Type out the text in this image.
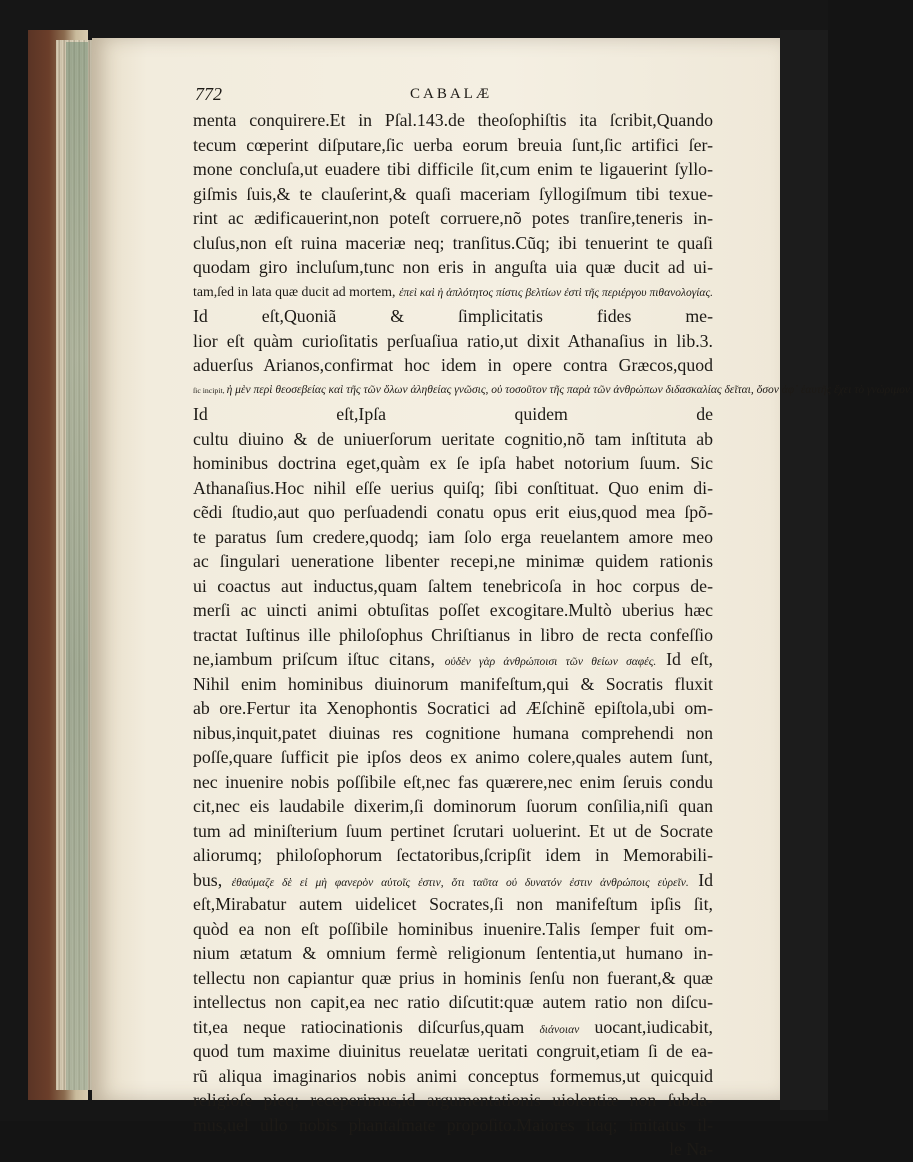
772	CABALÆ
menta conquirere.Et in Pſal.143.de theoſophiſtis ita ſcribit,Quando
tecum cœperint diſputare,ſic uerba eorum breuia ſunt,ſic artifici ſer-
mone concluſa,ut euadere tibi difficile ſit,cum enim te ligauerint ſyllo-
giſmis ſuis,& te clauſerint,& quaſi maceriam ſyllogiſmum tibi texue-
rint ac ædificauerint,non poteſt corruere,nõ potes tranſire,teneris in-
cluſus,non eſt ruina maceriæ neq; tranſitus.Cũq; ibi tenuerint te quaſi
quodam giro incluſum,tunc non eris in anguſta uia quæ ducit ad ui-
tam,ſed in lata quæ ducit ad mortem, ἐπεὶ καὶ ἡ ἁπλότητος πίστις βελτίων ἐστὶ τῆς περιέργου πιθανολογίας.
Id eſt,Quoniã & ſimplicitatis fides me-
lior eſt quàm curioſitatis perſuaſiua ratio,ut dixit Athanaſius in lib.3.
aduerſus Arianos,confirmat hoc idem in opere contra Græcos,quod
ſic incipit, ἡ μὲν περὶ θεοσεβείας καὶ τῆς τῶν ὅλων ἀληθείας γνῶσις, οὐ τοσοῦτον τῆς παρὰ τῶν ἀνθρώπων διδασκαλίας δεῖται, ὅσον ἀφ᾽ ἑαυτῆς ἔχει τὸ γνώριμον.
Id eſt,Ipſa quidem de
cultu diuino & de uniuerſorum ueritate cognitio,nõ tam inſtituta ab
hominibus doctrina eget,quàm ex ſe ipſa habet notorium ſuum. Sic
Athanaſius.Hoc nihil eſſe uerius quiſq; ſibi conſtituat. Quo enim di-
cẽdi ſtudio,aut quo perſuadendi conatu opus erit eius,quod mea ſpõ-
te paratus ſum credere,quodq; iam ſolo erga reuelantem amore meo
ac ſingulari ueneratione libenter recepi,ne minimæ quidem rationis
ui coactus aut inductus,quam ſaltem tenebricoſa in hoc corpus de-
merſi ac uincti animi obtuſitas poſſet excogitare.Multò uberius hæc
tractat Iuſtinus ille philoſophus Chriſtianus in libro de recta confeſſio
ne,iambum priſcum iſtuc citans, οὐδὲν γὰρ ἀνθρώποισι τῶν θείων σαφές. Id eſt,
Nihil enim hominibus diuinorum manifeſtum,qui & Socratis fluxit
ab ore.Fertur ita Xenophontis Socratici ad Æſchinẽ epiſtola,ubi om-
nibus,inquit,patet diuinas res cognitione humana comprehendi non
poſſe,quare ſufficit pie ipſos deos ex animo colere,quales autem ſunt,
nec inuenire nobis poſſibile eſt,nec fas quærere,nec enim ſeruis condu
cit,nec eis laudabile dixerim,ſi dominorum ſuorum conſilia,niſi quan
tum ad miniſterium ſuum pertinet ſcrutari uoluerint. Et ut de Socrate
aliorumq; philoſophorum ſectatoribus,ſcripſit idem in Memorabili-
bus, ἐθαύμαζε δὲ εἰ μὴ φανερὸν αὐτοῖς ἐστιν, ὅτι ταῦτα οὐ δυνατόν ἐστιν ἀνθρώποις εὑρεῖν. Id
eſt,Mirabatur autem uidelicet Socrates,ſi non manifeſtum ipſis ſit,
quòd ea non eſt poſſibile hominibus inuenire.Talis ſemper fuit om-
nium ætatum & omnium fermè religionum ſententia,ut humano in-
tellectu non capiantur quæ prius in hominis ſenſu non fuerant,& quæ
intellectus non capit,ea nec ratio diſcutit:quæ autem ratio non diſcu-
tit,ea neque ratiocinationis diſcurſus,quam διάνοιαν uocant,iudicabit,
quod tum maxime diuinitus reuelatæ ueritati congruit,etiam ſi de ea-
rũ aliqua imaginarios nobis animi conceptus formemus,ut quicquid
religioſe pieq; receperimus,id argumentationis uiolentiæ non ſubda-
mus,uel ullo nobis phantaſmate propoſito.Maiores itaq; imitatus il-
le Na-
